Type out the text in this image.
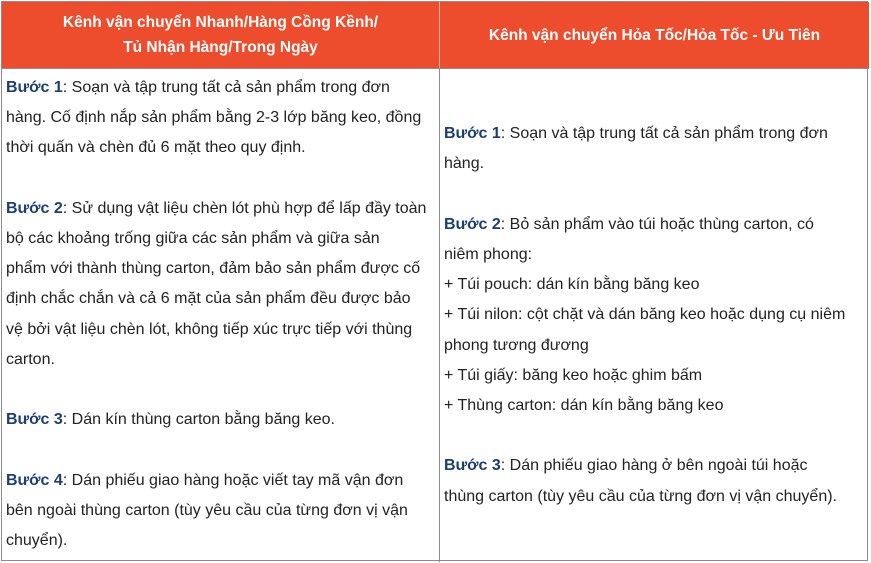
Kênh vận chuyển Nhanh/Hàng Cồng Kềnh/
Tủ Nhận Hàng/Trong Ngày
Kênh vận chuyển Hỏa Tốc/Hỏa Tốc - Ưu Tiên
Bước 1: Soạn và tập trung tất cả sản phẩm trong đơn
hàng. Cố định nắp sản phẩm bằng 2-3 lớp băng keo, đồng
thời quấn và chèn đủ 6 mặt theo quy định.
Bước 2: Sử dụng vật liệu chèn lót phù hợp để lấp đầy toàn
bộ các khoảng trống giữa các sản phẩm và giữa sản
phẩm với thành thùng carton, đảm bảo sản phẩm được cố
định chắc chắn và cả 6 mặt của sản phẩm đều được bảo
vệ bởi vật liệu chèn lót, không tiếp xúc trực tiếp với thùng
carton.
Bước 3: Dán kín thùng carton bằng băng keo.
Bước 4: Dán phiếu giao hàng hoặc viết tay mã vận đơn
bên ngoài thùng carton (tùy yêu cầu của từng đơn vị vận
chuyển).
Bước 1: Soạn và tập trung tất cả sản phẩm trong đơn
hàng.
Bước 2: Bỏ sản phẩm vào túi hoặc thùng carton, có
niêm phong:
+ Túi pouch: dán kín bằng băng keo
+ Túi nilon: cột chặt và dán băng keo hoặc dụng cụ niêm
phong tương đương
+ Túi giấy: băng keo hoặc ghim bấm
+ Thùng carton: dán kín bằng băng keo
Bước 3: Dán phiếu giao hàng ở bên ngoài túi hoặc
thùng carton (tùy yêu cầu của từng đơn vị vận chuyển).
